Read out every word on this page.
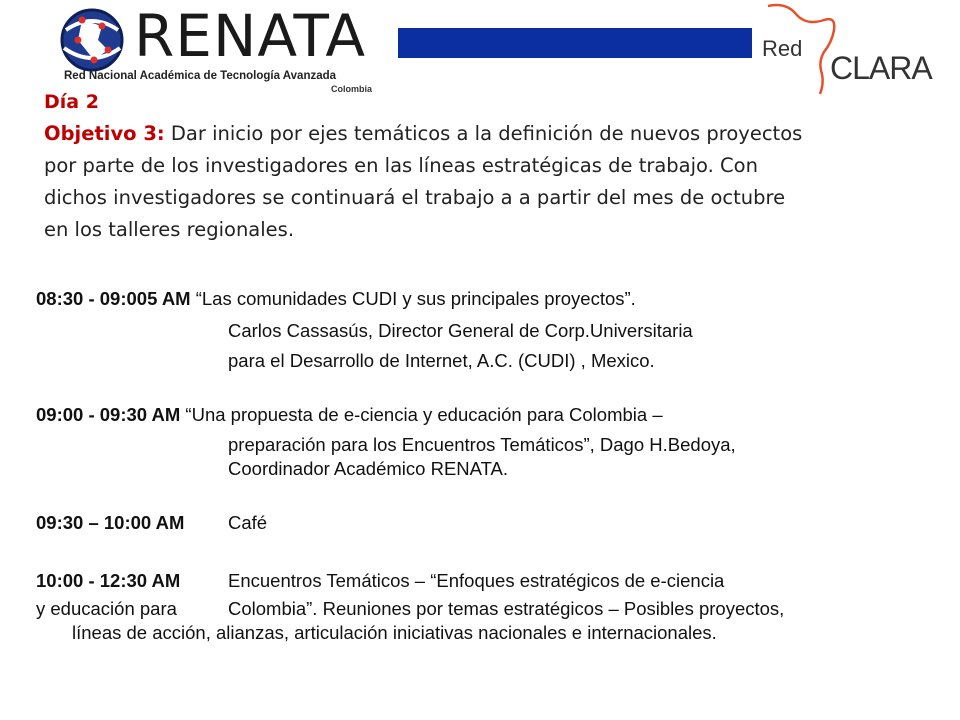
RENATA
Red Nacional Académica de Tecnología Avanzada
Colombia
Red
CLARA
Día 2
Objetivo 3: Dar inicio por ejes temáticos a la definición de nuevos proyectos
por parte de los investigadores en las líneas estratégicas de trabajo. Con
dichos investigadores se continuará el trabajo a a partir del mes de octubre
en los talleres regionales.
08:30 - 09:005 AM “Las comunidades CUDI y sus principales proyectos”.
Carlos Cassasús, Director General de Corp.Universitaria
para el Desarrollo de Internet, A.C. (CUDI) , Mexico.
09:00 - 09:30 AM “Una propuesta de e-ciencia y educación para Colombia –
preparación para los Encuentros Temáticos”, Dago H.Bedoya,
Coordinador Académico RENATA.
09:30 – 10:00 AM Café
10:00 - 12:30 AM	Encuentros Temáticos – “Enfoques estratégicos de e-ciencia
y educación para	Colombia”. Reuniones por temas estratégicos – Posibles proyectos,
líneas de acción, alianzas, articulación iniciativas nacionales e internacionales.
